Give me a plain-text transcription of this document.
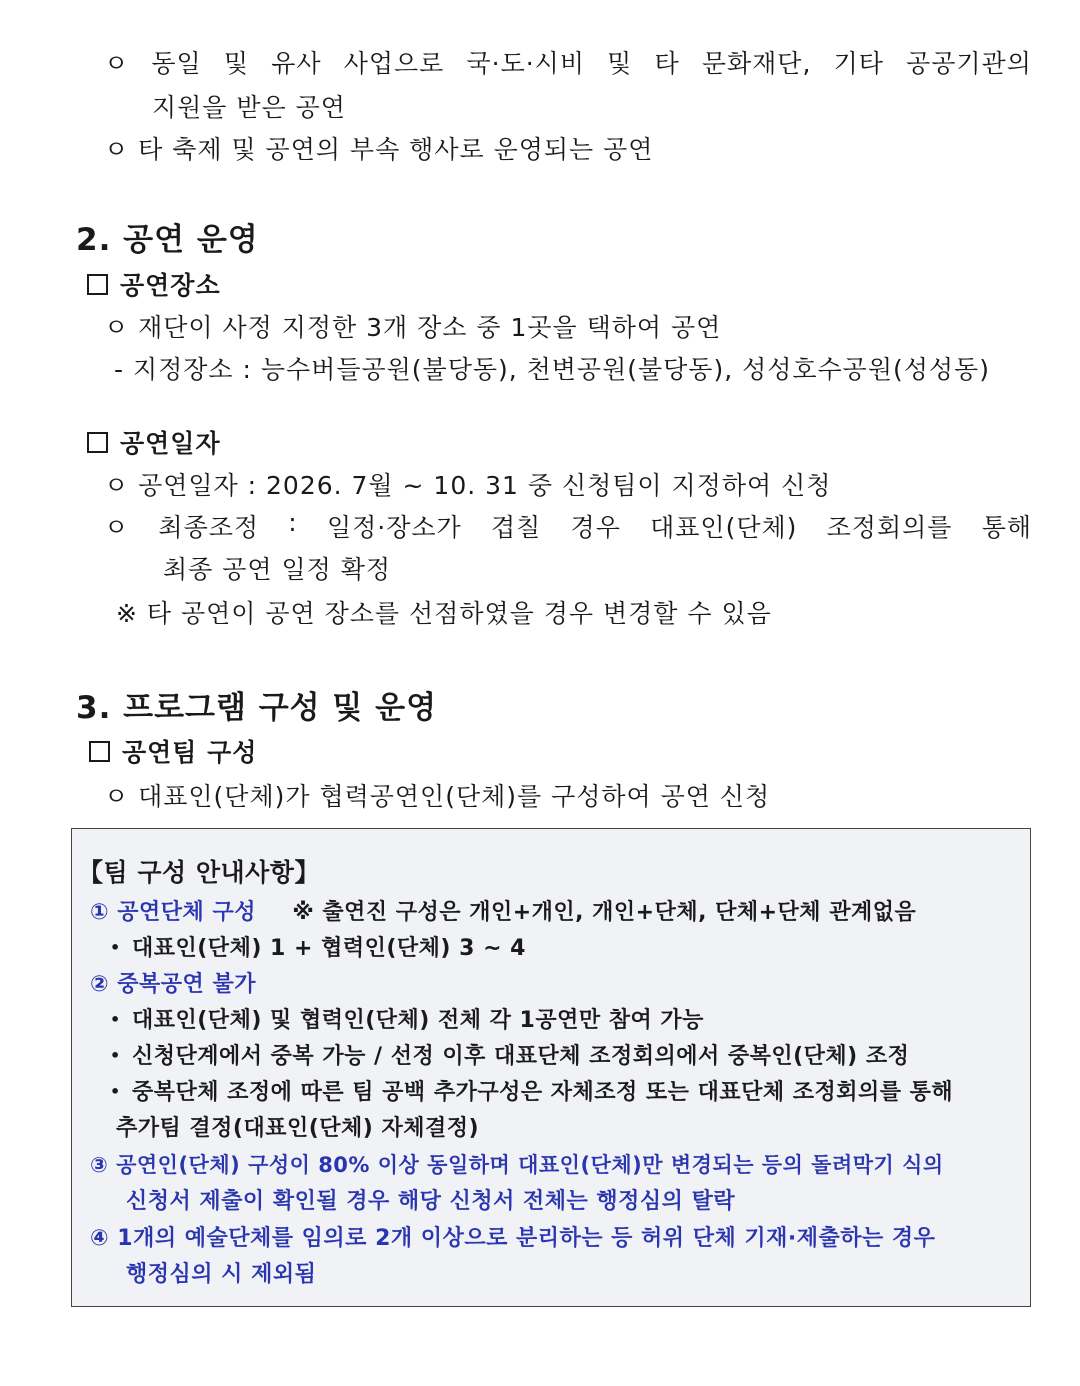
ㅇ 동일 및 유사 사업으로 국·도·시비 및 타 문화재단, 기타 공공기관의
지원을 받은 공연
ㅇ 타 축제 및 공연의 부속 행사로 운영되는 공연
2. 공연 운영
공연장소
ㅇ 재단이 사정 지정한 3개 장소 중 1곳을 택하여 공연
- 지정장소 : 능수버들공원(불당동), 천변공원(불당동), 성성호수공원(성성동)
공연일자
ㅇ 공연일자 : 2026. 7월 ~ 10. 31 중 신청팀이 지정하여 신청
ㅇ 최종조정 : 일정·장소가 겹칠 경우 대표인(단체) 조정회의를 통해
최종 공연 일정 확정
※ 타 공연이 공연 장소를 선점하였을 경우 변경할 수 있음
3. 프로그램 구성 및 운영
공연팀 구성
ㅇ 대표인(단체)가 협력공연인(단체)를 구성하여 공연 신청
【팀 구성 안내사항】
① 공연단체 구성 ※ 출연진 구성은 개인+개인, 개인+단체, 단체+단체 관계없음
• 대표인(단체) 1 + 협력인(단체) 3 ~ 4
② 중복공연 불가
• 대표인(단체) 및 협력인(단체) 전체 각 1공연만 참여 가능
• 신청단계에서 중복 가능 / 선정 이후 대표단체 조정회의에서 중복인(단체) 조정
• 중복단체 조정에 따른 팀 공백 추가구성은 자체조정 또는 대표단체 조정회의를 통해
추가팀 결정(대표인(단체) 자체결정)
③ 공연인(단체) 구성이 80% 이상 동일하며 대표인(단체)만 변경되는 등의 돌려막기 식의
신청서 제출이 확인될 경우 해당 신청서 전체는 행정심의 탈락
④ 1개의 예술단체를 임의로 2개 이상으로 분리하는 등 허위 단체 기재·제출하는 경우
행정심의 시 제외됨
